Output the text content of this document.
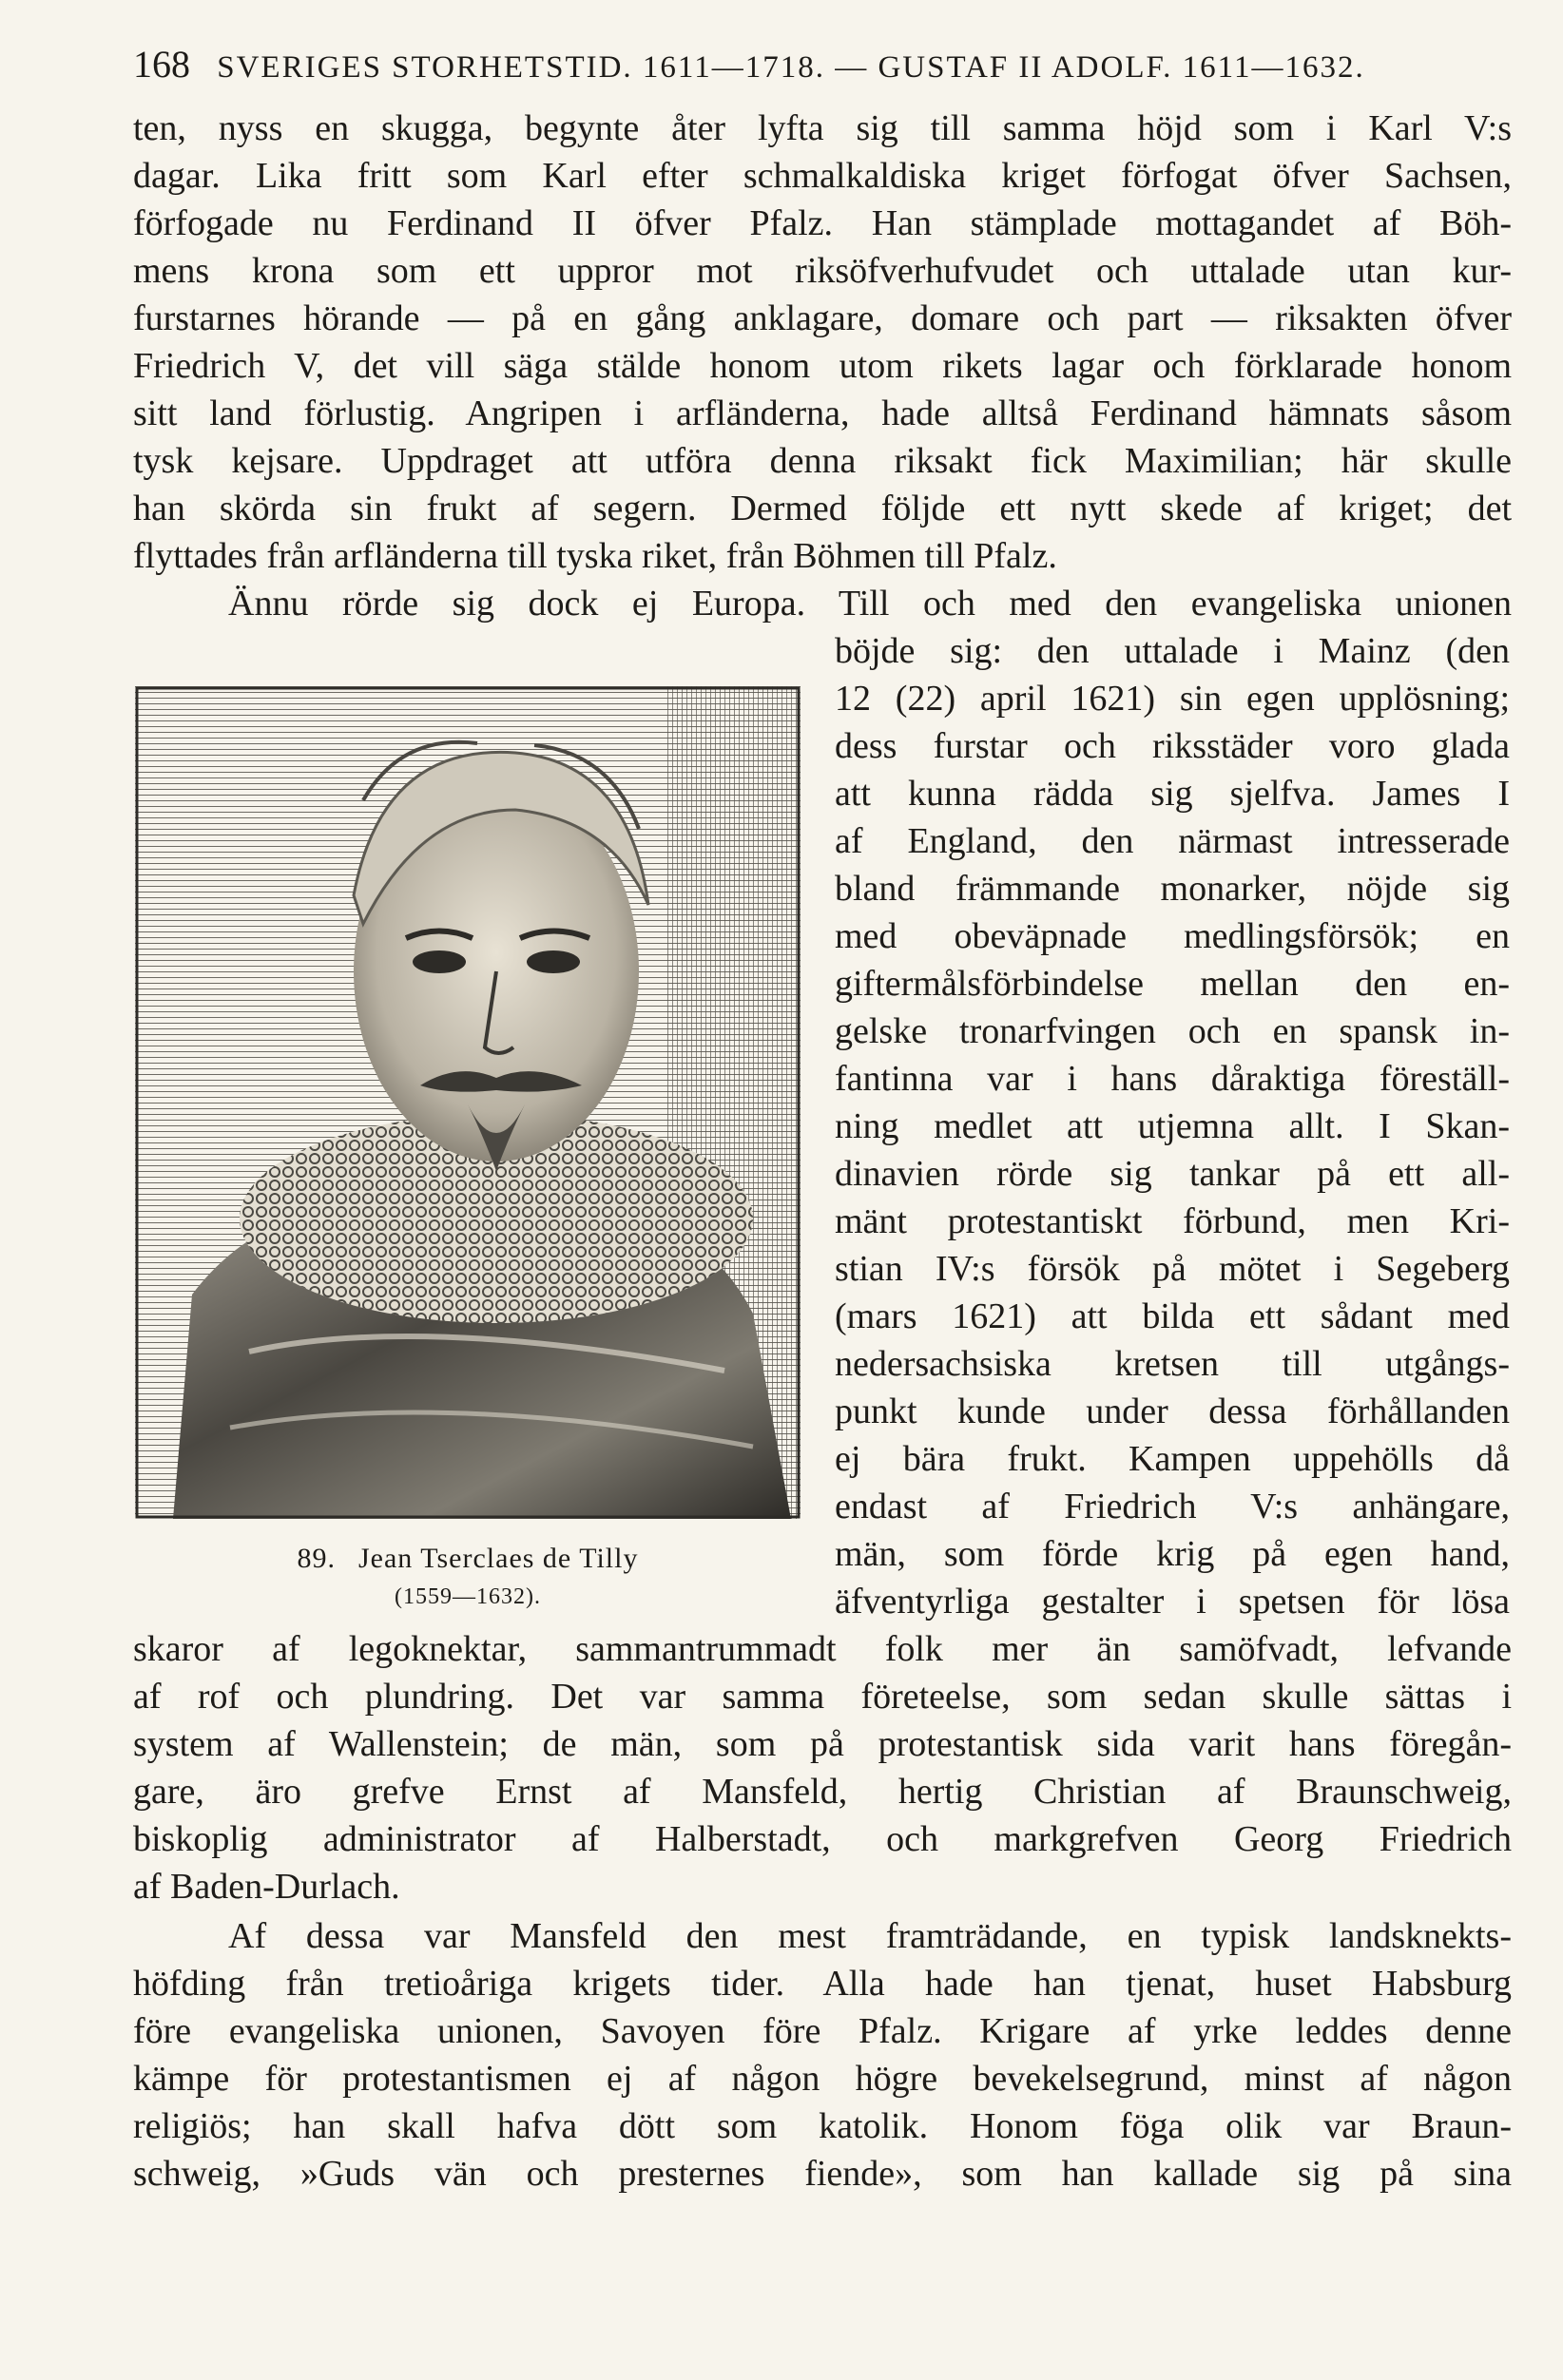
168 SVERIGES STORHETSTID. 1611—1718. — GUSTAF II ADOLF. 1611—1632.
ten, nyss en skugga, begynte åter lyfta sig till samma höjd som i Karl V:s
dagar. Lika fritt som Karl efter schmalkaldiska kriget förfogat öfver Sachsen,
förfogade nu Ferdinand II öfver Pfalz. Han stämplade mottagandet af Böh-
mens krona som ett uppror mot riksöfverhufvudet och uttalade utan kur-
furstarnes hörande — på en gång anklagare, domare och part — riksakten öfver
Friedrich V, det vill säga stälde honom utom rikets lagar och förklarade honom
sitt land förlustig. Angripen i arfländerna, hade alltså Ferdinand hämnats såsom
tysk kejsare. Uppdraget att utföra denna riksakt fick Maximilian; här skulle
han skörda sin frukt af segern. Dermed följde ett nytt skede af kriget; det
flyttades från arfländerna till tyska riket, från Böhmen till Pfalz.
Ännu rörde sig dock ej Europa. Till och med den evangeliska unionen
89. Jean Tserclaes de Tilly
(1559—1632).
böjde sig: den uttalade i Mainz (den
12 (22) april 1621) sin egen upplösning;
dess furstar och riksstäder voro glada
att kunna rädda sig sjelfva. James I
af England, den närmast intresserade
bland främmande monarker, nöjde sig
med obeväpnade medlingsförsök; en
giftermålsförbindelse mellan den en-
gelske tronarfvingen och en spansk in-
fantinna var i hans dåraktiga föreställ-
ning medlet att utjemna allt. I Skan-
dinavien rörde sig tankar på ett all-
mänt protestantiskt förbund, men Kri-
stian IV:s försök på mötet i Segeberg
(mars 1621) att bilda ett sådant med
nedersachsiska kretsen till utgångs-
punkt kunde under dessa förhållanden
ej bära frukt. Kampen uppehölls då
endast af Friedrich V:s anhängare,
män, som förde krig på egen hand,
äfventyrliga gestalter i spetsen för lösa
skaror af legoknektar, sammantrummadt folk mer än samöfvadt, lefvande
af rof och plundring. Det var samma företeelse, som sedan skulle sättas i
system af Wallenstein; de män, som på protestantisk sida varit hans föregån-
gare, äro grefve Ernst af Mansfeld, hertig Christian af Braunschweig,
biskoplig administrator af Halberstadt, och markgrefven Georg Friedrich
af Baden-Durlach.
Af dessa var Mansfeld den mest framträdande, en typisk landsknekts-
höfding från tretioåriga krigets tider. Alla hade han tjenat, huset Habsburg
före evangeliska unionen, Savoyen före Pfalz. Krigare af yrke leddes denne
kämpe för protestantismen ej af någon högre bevekelsegrund, minst af någon
religiös; han skall hafva dött som katolik. Honom föga olik var Braun-
schweig, »Guds vän och presternes fiende», som han kallade sig på sina
